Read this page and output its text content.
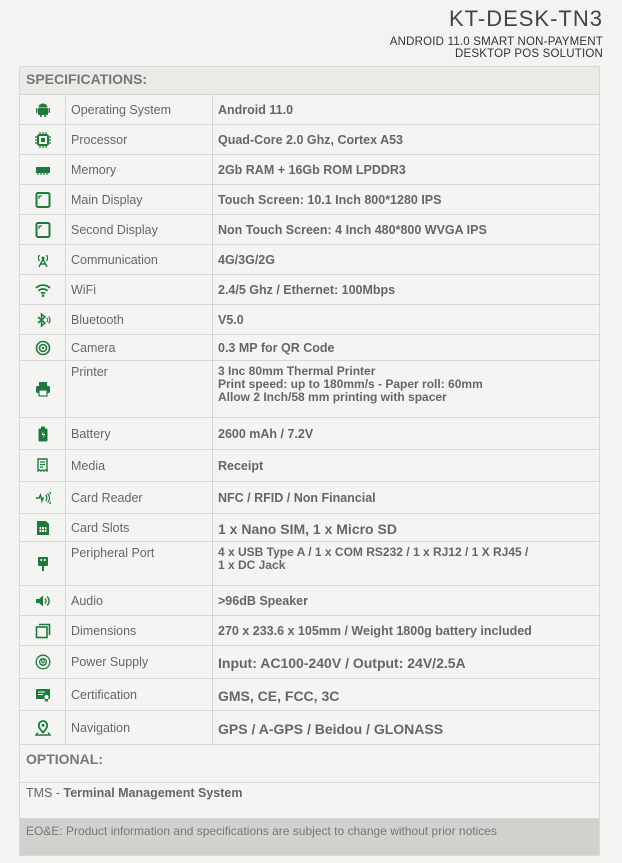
KT-DESK-TN3
ANDROID 11.0 SMART NON-PAYMENT
DESKTOP POS SOLUTION
SPECIFICATIONS:
Operating System	Android 11.0
Processor	Quad-Core 2.0 Ghz, Cortex A53
Memory	2Gb RAM + 16Gb ROM LPDDR3
Main Display	Touch Screen: 10.1 Inch 800*1280 IPS
Second Display	Non Touch Screen: 4 Inch 480*800 WVGA IPS
Communication	4G/3G/2G
WiFi	2.4/5 Ghz / Ethernet: 100Mbps
Bluetooth	V5.0
Camera	0.3 MP for QR Code
Printer	3 Inc 80mm Thermal Printer
Print speed: up to 180mm/s - Paper roll: 60mm
Allow 2 Inch/58 mm printing with spacer
Battery	2600 mAh / 7.2V
Media	Receipt
Card Reader	NFC / RFID / Non Financial
Card Slots	1 x Nano SIM, 1 x Micro SD
Peripheral Port	4 x USB Type A / 1 x COM RS232 / 1 x RJ12 / 1 X RJ45 /
1 x DC Jack
Audio	>96dB Speaker
Dimensions	270 x 233.6 x 105mm / Weight 1800g battery included
Power Supply	Input: AC100-240V / Output: 24V/2.5A
Certification	GMS, CE, FCC, 3C
Navigation	GPS / A-GPS / Beidou / GLONASS
OPTIONAL:
TMS - Terminal Management System
EO&E: Product information and specifications are subject to change without prior notices
